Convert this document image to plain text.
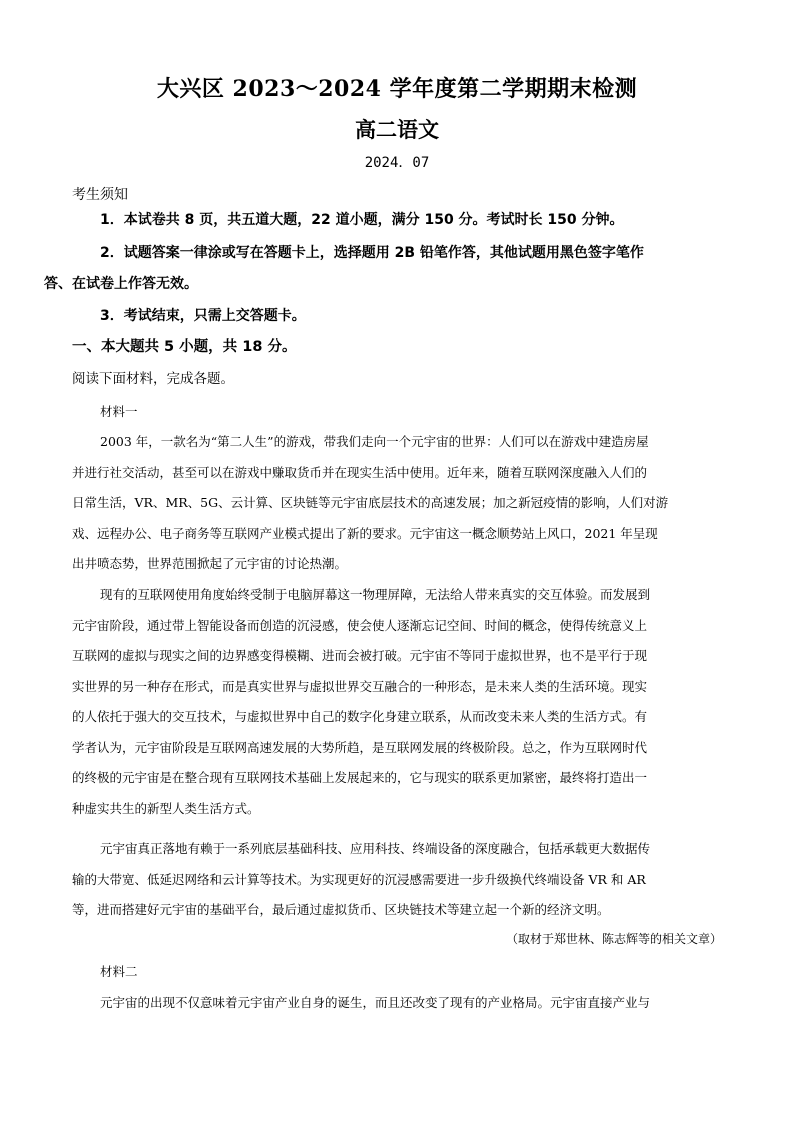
大兴区 2023～2024 学年度第二学期期末检测
高二语文
2024．07
考生须知
1．本试卷共 8 页，共五道大题，22 道小题，满分 150 分。考试时长 150 分钟。
2．试题答案一律涂或写在答题卡上，选择题用 2B 铅笔作答，其他试题用黑色签字笔作
答、在试卷上作答无效。
3．考试结束，只需上交答题卡。
一、本大题共 5 小题，共 18 分。
阅读下面材料，完成各题。
材料一
2003 年，一款名为“第二人生”的游戏，带我们走向一个元宇宙的世界：人们可以在游戏中建造房屋
并进行社交活动，甚至可以在游戏中赚取货币并在现实生活中使用。近年来，随着互联网深度融入人们的
日常生活，VR、MR、5G、云计算、区块链等元宇宙底层技术的高速发展；加之新冠疫情的影响，人们对游
戏、远程办公、电子商务等互联网产业模式提出了新的要求。元宇宙这一概念顺势站上风口，2021 年呈现
出井喷态势，世界范围掀起了元宇宙的讨论热潮。
现有的互联网使用角度始终受制于电脑屏幕这一物理屏障，无法给人带来真实的交互体验。而发展到
元宇宙阶段，通过带上智能设备而创造的沉浸感，使会使人逐渐忘记空间、时间的概念，使得传统意义上
互联网的虚拟与现实之间的边界感变得模糊、进而会被打破。元宇宙不等同于虚拟世界，也不是平行于现
实世界的另一种存在形式，而是真实世界与虚拟世界交互融合的一种形态，是未来人类的生活环境。现实
的人依托于强大的交互技术，与虚拟世界中自己的数字化身建立联系，从而改变未来人类的生活方式。有
学者认为，元宇宙阶段是互联网高速发展的大势所趋，是互联网发展的终极阶段。总之，作为互联网时代
的终极的元宇宙是在整合现有互联网技术基础上发展起来的，它与现实的联系更加紧密，最终将打造出一
种虚实共生的新型人类生活方式。
元宇宙真正落地有赖于一系列底层基础科技、应用科技、终端设备的深度融合，包括承载更大数据传
输的大带宽、低延迟网络和云计算等技术。为实现更好的沉浸感需要进一步升级换代终端设备 VR 和 AR
等，进而搭建好元宇宙的基础平台，最后通过虚拟货币、区块链技术等建立起一个新的经济文明。
（取材于郑世林、陈志辉等的相关文章）
材料二
元宇宙的出现不仅意味着元宇宙产业自身的诞生，而且还改变了现有的产业格局。元宇宙直接产业与
